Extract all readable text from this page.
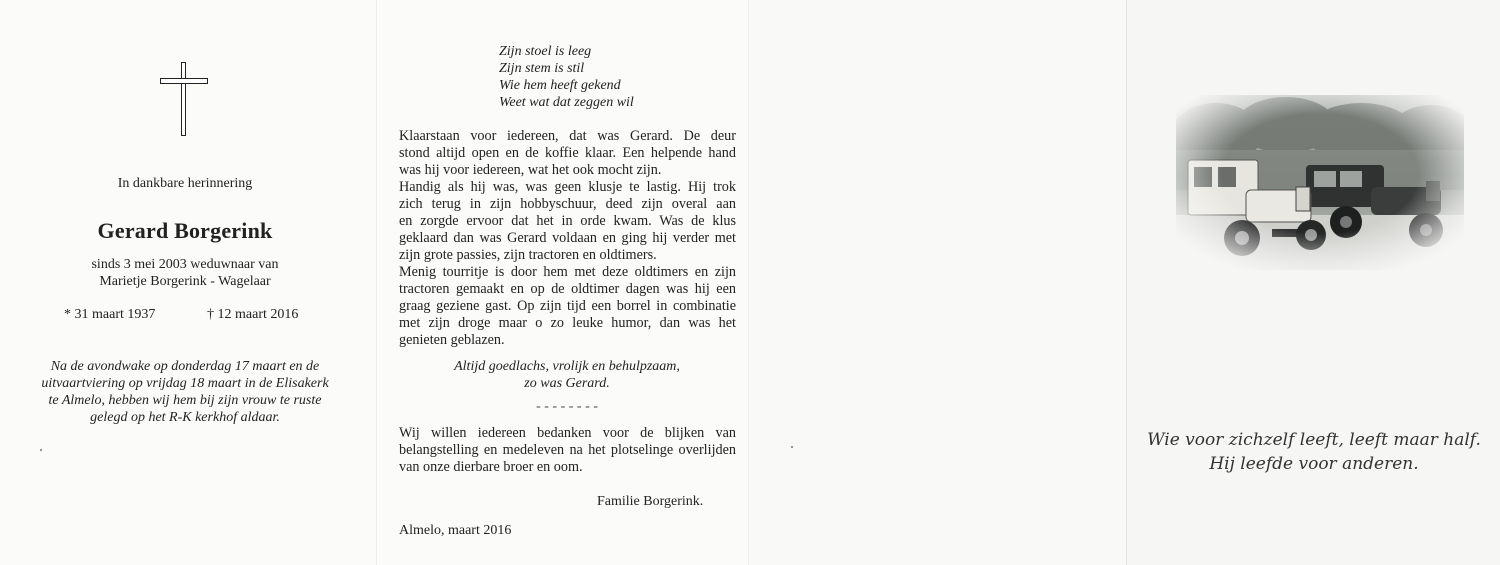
In dankbare herinnering
Gerard Borgerink
sinds 3 mei 2003 weduwnaar van
Marietje Borgerink - Wagelaar
* 31 maart 1937	† 12 maart 2016
Na de avondwake op donderdag 17 maart en de
uitvaartviering op vrijdag 18 maart in de Elisakerk
te Almelo, hebben wij hem bij zijn vrouw te ruste
gelegd op het R-K kerkhof aldaar.
Zijn stoel is leeg
Zijn stem is stil
Wie hem heeft gekend
Weet wat dat zeggen wil
Klaarstaan voor iedereen, dat was Gerard. De deur
stond altijd open en de koffie klaar. Een helpende hand
was hij voor iedereen, wat het ook mocht zijn.
Handig als hij was, was geen klusje te lastig. Hij trok
zich terug in zijn hobbyschuur, deed zijn overal aan
en zorgde ervoor dat het in orde kwam. Was de klus
geklaard dan was Gerard voldaan en ging hij verder met
zijn grote passies, zijn tractoren en oldtimers.
Menig tourritje is door hem met deze oldtimers en zijn
tractoren gemaakt en op de oldtimer dagen was hij een
graag geziene gast. Op zijn tijd een borrel in combinatie
met zijn droge maar o zo leuke humor, dan was het
genieten geblazen.
Altijd goedlachs, vrolijk en behulpzaam,
zo was Gerard.
- - - - - - - -
Wij willen iedereen bedanken voor de blijken van
belangstelling en medeleven na het plotselinge overlijden
van onze dierbare broer en oom.
Familie Borgerink.
Almelo, maart 2016
Wie voor zichzelf leeft, leeft maar half.
Hij leefde voor anderen.
